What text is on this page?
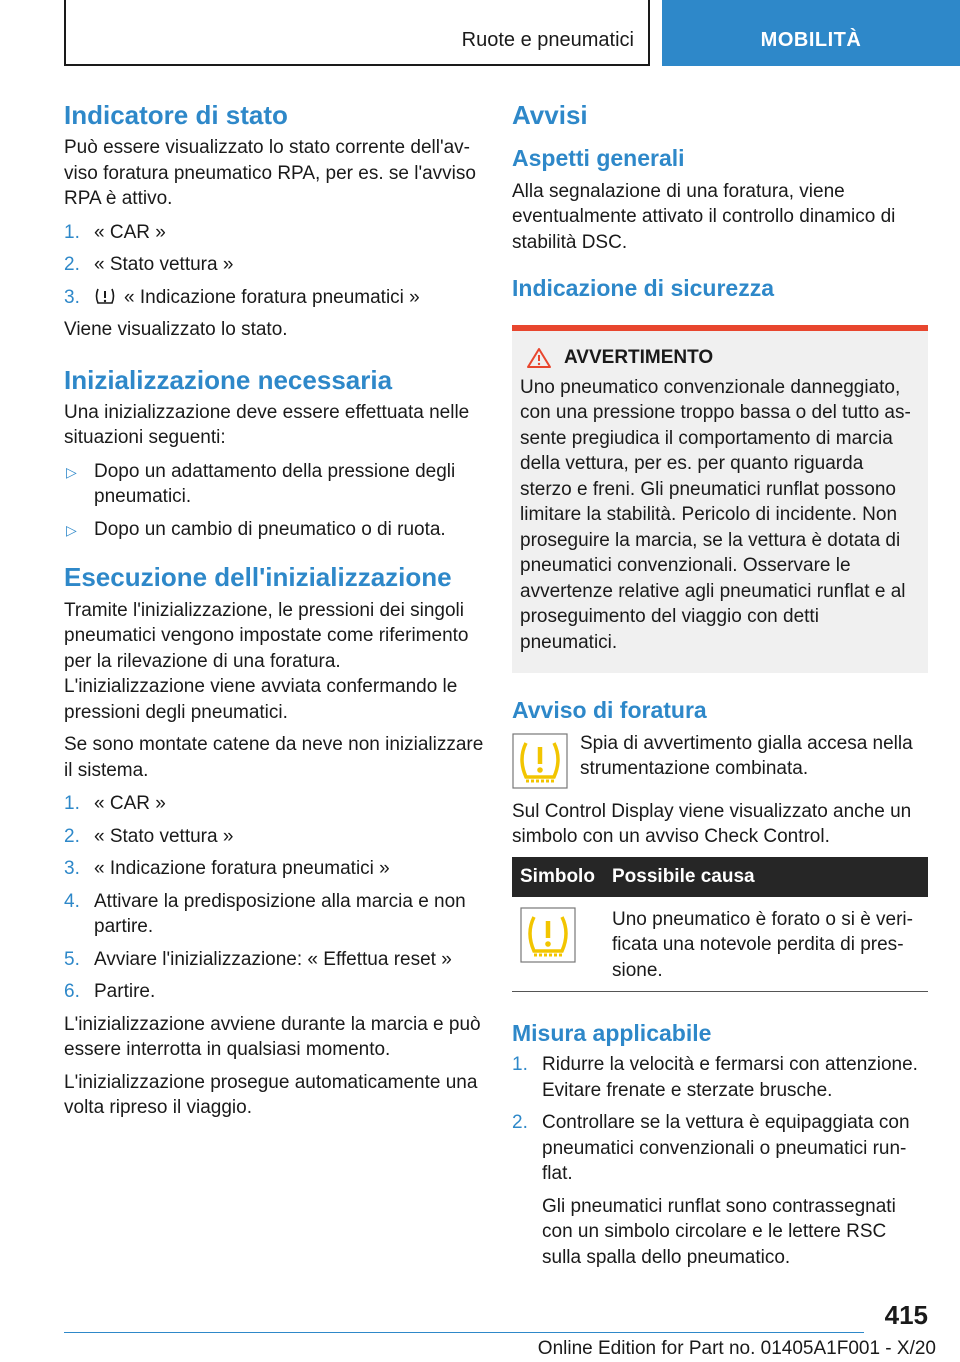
Ruote e pneumatici	MOBILITÀ
Indicatore di stato

Può essere visualizzato lo stato corrente dell'avviso foratura pneumatico RPA, per es. se l'avviso RPA è attivo.

1. « CAR »
2. « Stato vettura »
3. « Indicazione foratura pneumatici »

Viene visualizzato lo stato.

Inizializzazione necessaria

Una inizializzazione deve essere effettuata nelle situazioni seguenti:

▷ Dopo un adattamento della pressione degli pneumatici.
▷ Dopo un cambio di pneumatico o di ruota.
Esecuzione dell'inizializzazione

Tramite l'inizializzazione, le pressioni dei singoli pneumatici vengono impostate come riferimento per la rilevazione di una foratura. L'inizializzazione viene avviata confermando le pressioni degli pneumatici.

Se sono montate catene da neve non inizializzare il sistema.

1. « CAR »
2. « Stato vettura »
3. « Indicazione foratura pneumatici »
4. Attivare la predisposizione alla marcia e non partire.
5. Avviare l'inizializzazione: « Effettua reset »
6. Partire.

L'inizializzazione avviene durante la marcia e può essere interrotta in qualsiasi momento.

L'inizializzazione prosegue automaticamente una volta ripreso il viaggio.

Avvisi
Aspetti generali

Alla segnalazione di una foratura, viene eventualmente attivato il controllo dinamico di stabilità DSC.

Indicazione di sicurezza
AVVERTIMENTO

Uno pneumatico convenzionale danneggiato, con una pressione troppo bassa o del tutto assente pregiudica il comportamento di marcia della vettura, per es. per quanto riguarda sterzo e freni. Gli pneumatici runflat possono limitare la stabilità. Pericolo di incidente. Non proseguire la marcia, se la vettura è dotata di pneumatici convenzionali. Osservare le avvertenze relative agli pneumatici runflat e al proseguimento del viaggio con detti pneumatici.

Avviso di foratura

Spia di avvertimento gialla accesa nella strumentazione combinata.

Sul Control Display viene visualizzato anche un simbolo con un avviso Check Control.

Simbolo	Possibile causa
	Uno pneumatico è forato o si è verificata una notevole perdita di pressione.
Misura applicabile
1. Ridurre la velocità e fermarsi con attenzione. Evitare frenate e sterzate brusche.
2. Controllare se la vettura è equipaggiata con pneumatici convenzionali o pneumatici runflat.

Gli pneumatici runflat sono contrassegnati con un simbolo circolare e le lettere RSC sulla spalla dello pneumatico.

415
Online Edition for Part no. 01405A1F001 - X/20
